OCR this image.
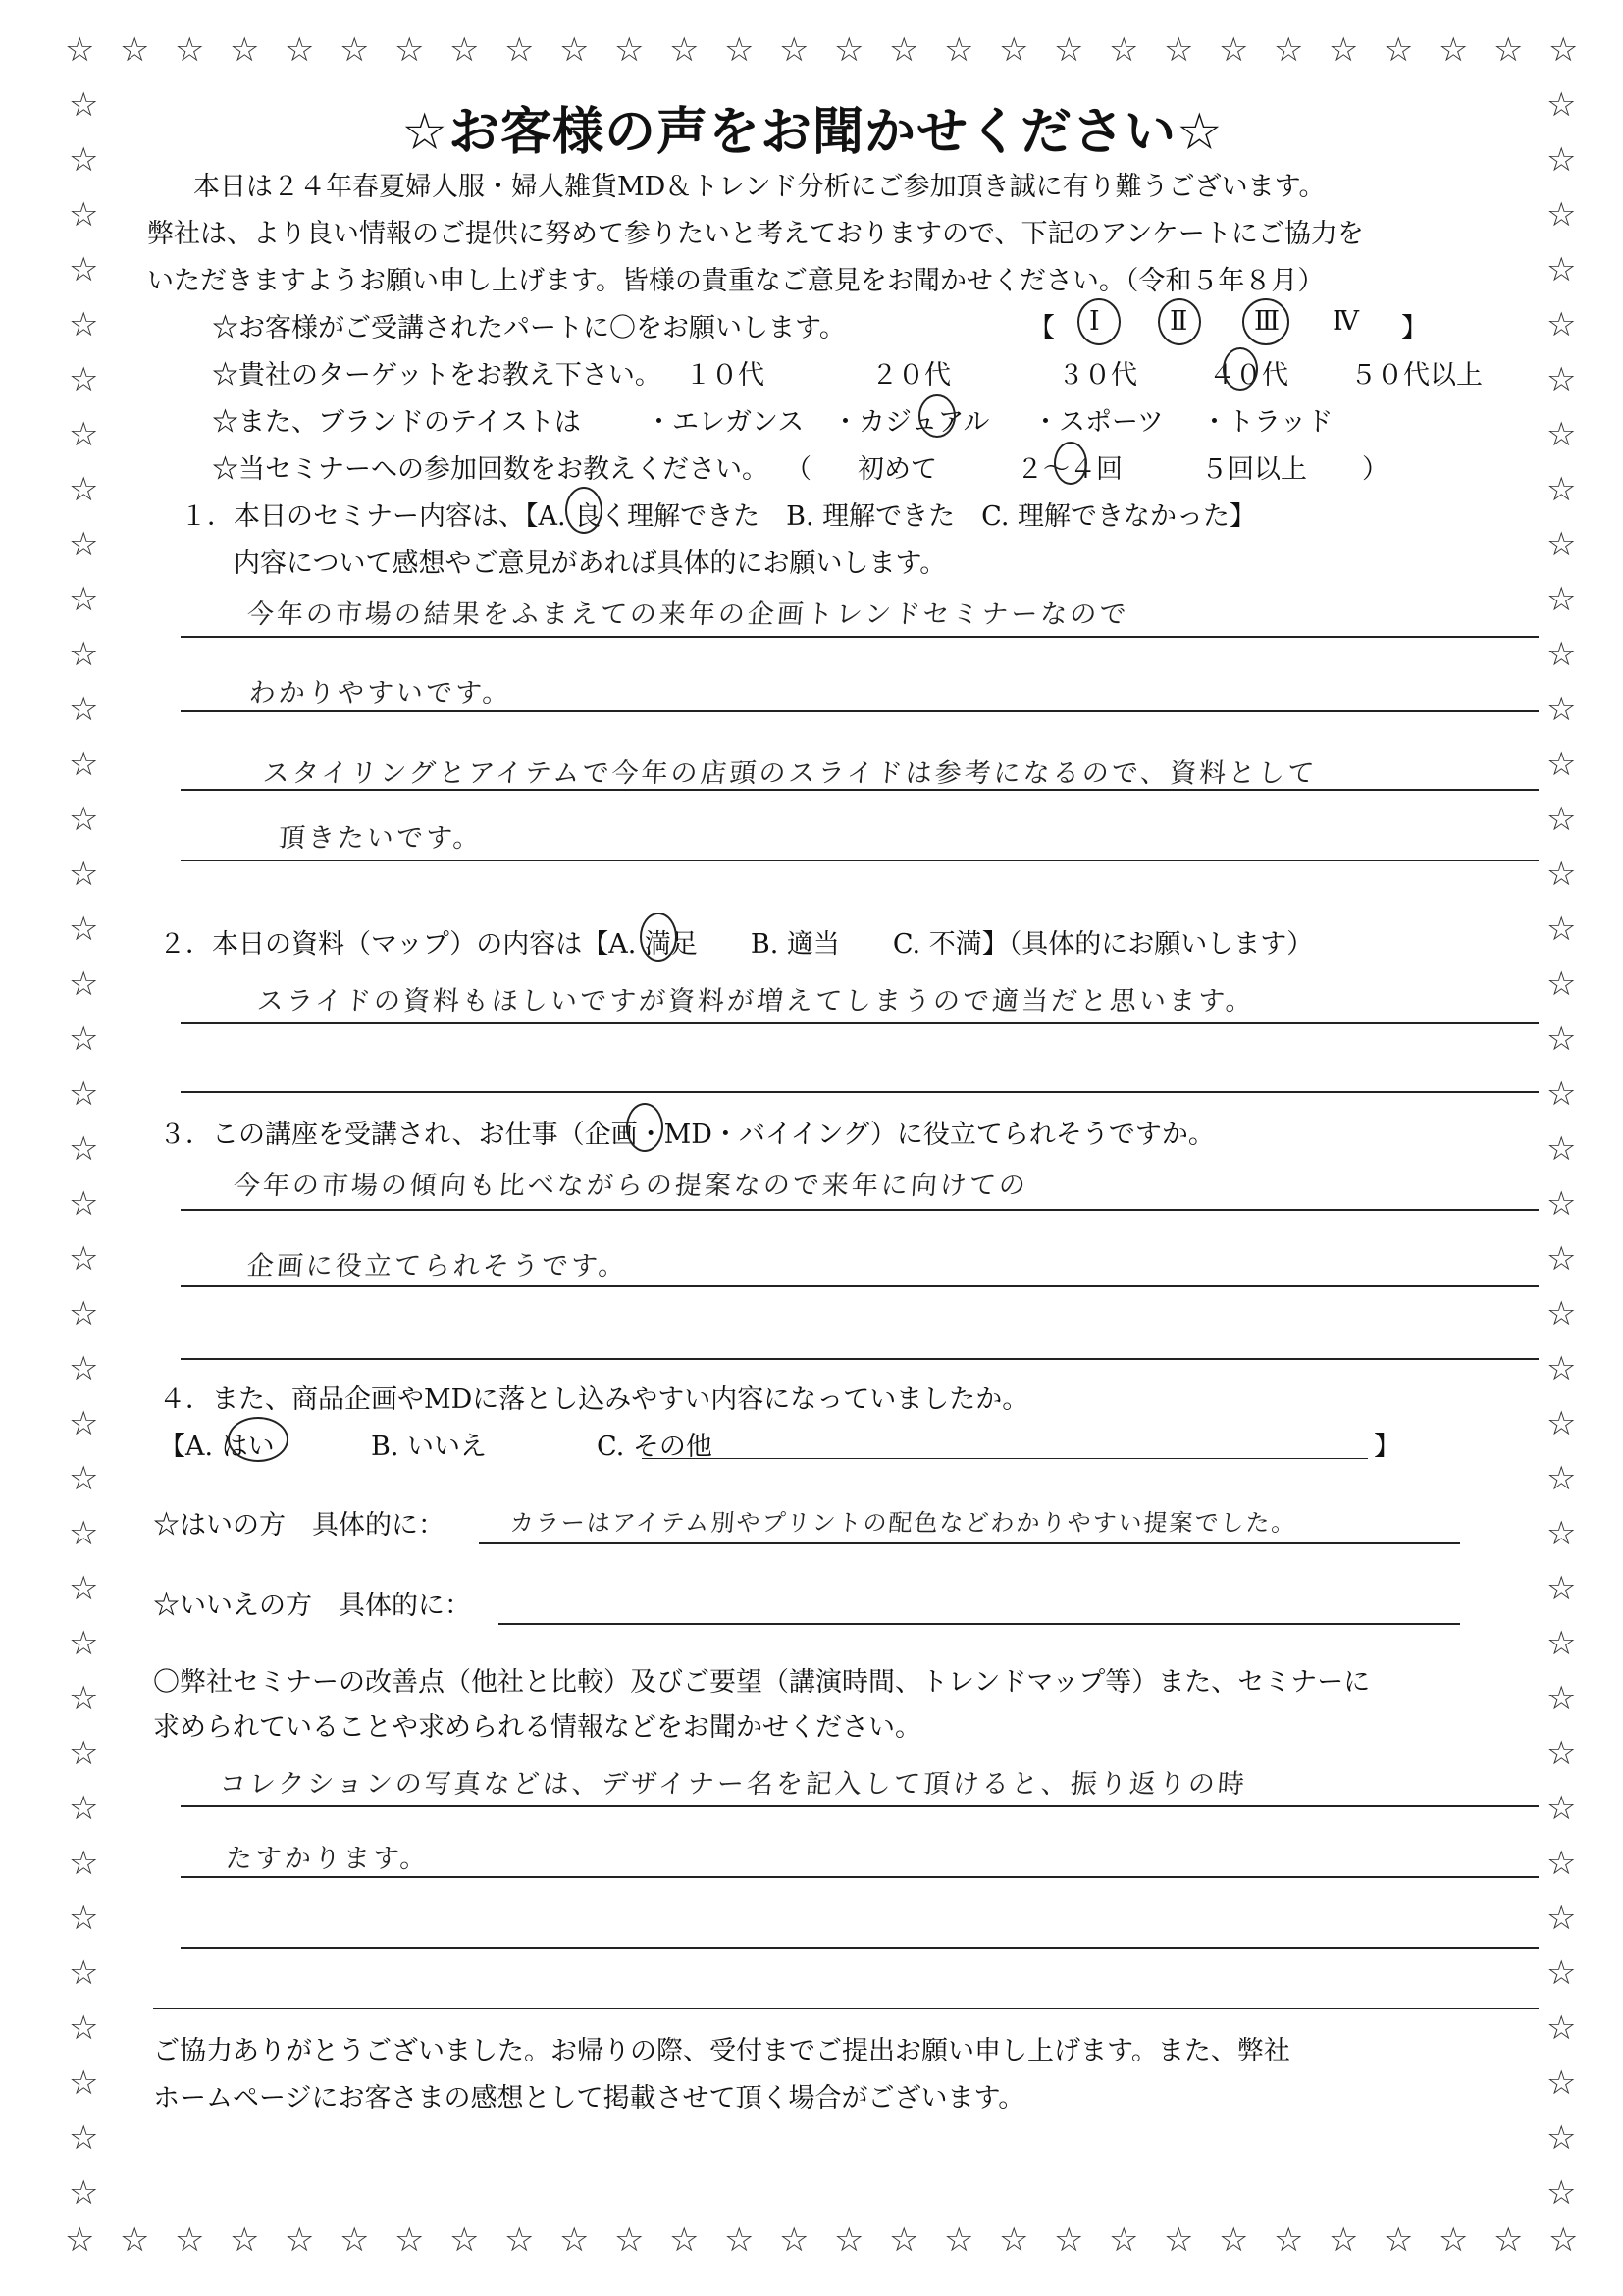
☆
☆
☆
☆
☆
☆
☆
☆
☆
☆
☆
☆
☆
☆
☆
☆
☆
☆
☆
☆
☆
☆
☆
☆
☆
☆
☆
☆
☆
☆
☆
☆
☆
☆
☆
☆
☆
☆
☆
☆
☆
☆
☆
☆
☆
☆
☆
☆
☆
☆
☆
☆
☆
☆
☆
☆
☆	☆
☆	☆
☆	☆
☆	☆
☆	☆
☆	☆
☆	☆
☆	☆
☆	☆
☆	☆
☆	☆
☆	☆
☆	☆
☆	☆
☆	☆
☆	☆
☆	☆
☆	☆
☆	☆
☆	☆
☆	☆
☆	☆
☆	☆
☆	☆
☆	☆
☆	☆
☆	☆
☆	☆
☆	☆
☆	☆
☆	☆
☆	☆
☆	☆
☆	☆
☆	☆
☆	☆
☆	☆
☆	☆
☆	☆
☆お客様の声をお聞かせください☆
　本日は２４年春夏婦人服・婦人雑貨MD＆トレンド分析にご参加頂き誠に有り難うございます。
弊社は、より良い情報のご提供に努めて参りたいと考えておりますので、下記のアンケートにご協力を
いただきますようお願い申し上げます。皆様の貴重なご意見をお聞かせください。（令和５年８月）
☆お客様がご受講されたパートに〇をお願いします。	【 Ⅰ	Ⅱ	Ⅲ Ⅳ 】
☆貴社のターゲットをお教え下さい。 １０代	２０代	３０代	４０代 ５０代以上
☆また、ブランドのテイストは ・エレガンス ・カジュアル ・スポーツ ・トラッド
☆当セミナーへの参加回数をお教えください。 （ 初めて	２～４回	５回以上 ）
１．本日のセミナー内容は、【A. 良く理解できた　B. 理解できた　C. 理解できなかった】
内容について感想やご意見があれば具体的にお願いします。
今年の市場の結果をふまえての来年の企画トレンドセミナーなので
わかりやすいです。
スタイリングとアイテムで今年の店頭のスライドは参考になるので、資料として
頂きたいです。
２．本日の資料（マップ）の内容は【A. 満足　　B. 適当　　C. 不満】（具体的にお願いします）
スライドの資料もほしいですが資料が増えてしまうので適当だと思います。
３．この講座を受講され、お仕事（企画・MD・バイイング）に役立てられそうですか。
今年の市場の傾向も比べながらの提案なので来年に向けての
企画に役立てられそうです。
４．また、商品企画やMDに落とし込みやすい内容になっていましたか。
【A. はい	B. いいえ	C. その他	】
☆はいの方　具体的に：	カラーはアイテム別やプリントの配色などわかりやすい提案でした。
☆いいえの方　具体的に：
〇弊社セミナーの改善点（他社と比較）及びご要望（講演時間、トレンドマップ等）また、セミナーに
求められていることや求められる情報などをお聞かせください。
コレクションの写真などは、デザイナー名を記入して頂けると、振り返りの時
たすかります。
ご協力ありがとうございました。お帰りの際、受付までご提出お願い申し上げます。また、弊社
ホームページにお客さまの感想として掲載させて頂く場合がございます。
